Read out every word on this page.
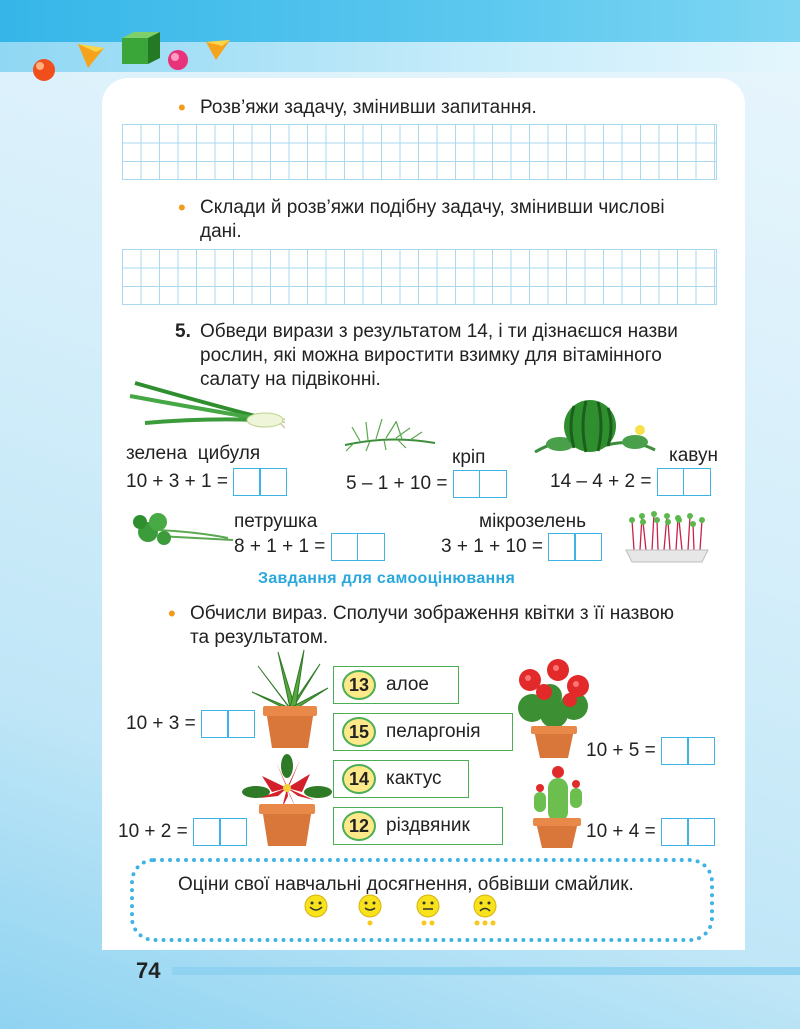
• Розв’яжи задачу, змінивши запитання.
• Склади й розв’яжи подібну задачу, змінивши числові
дані.
5. Обведи вирази з результатом 14, і ти дізнаєшся назви
рослин, які можна виростити взимку для вітамінного
салату на підвіконні.
зелена  цибуля
10 + 3 + 1 =
кріп
5 – 1 + 10 =
кавун
14 – 4 + 2 =
петрушка
8 + 1 + 1 =
мікрозелень
3 + 1 + 10 =
Завдання для самооцінювання
• Обчисли вираз. Сполучи зображення квітки з її назвою
та результатом.
13 алое
15 пеларгонія
14 кактус
12 різдвяник
10 + 3 =
10 + 5 =
10 + 2 =	10 + 4 =
Оціни свої навчальні досягнення, обвівши смайлик.
74
